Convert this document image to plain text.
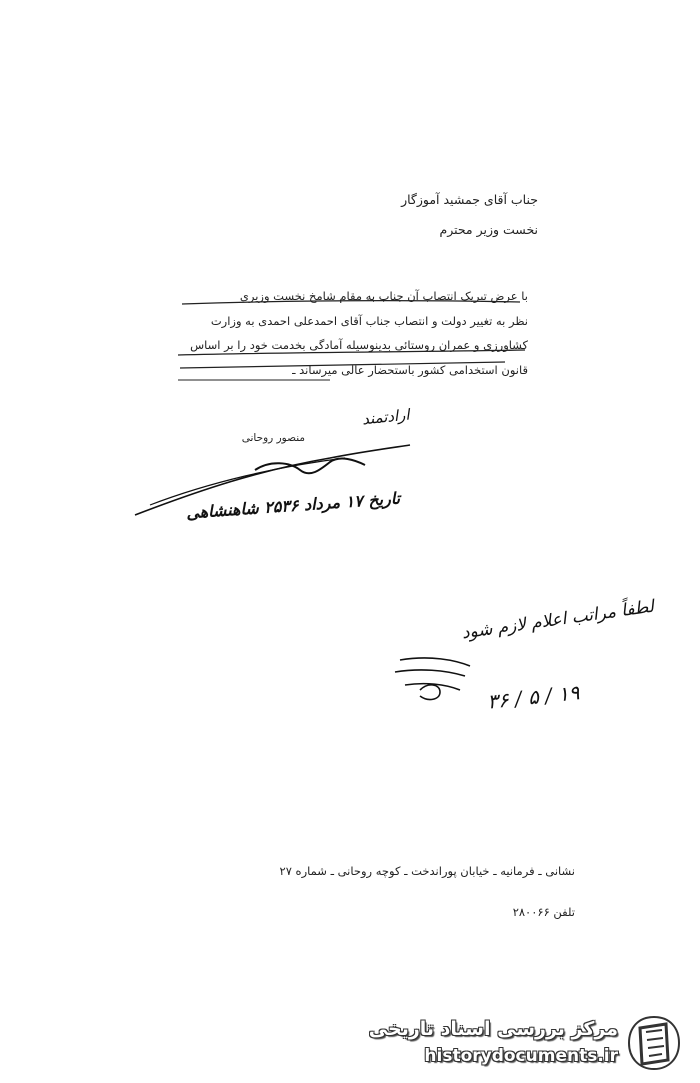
جناب آقای جمشید آموزگار
نخست وزیر محترم
با عرض تبریک انتصاب آن جناب به مقام شامخ نخست وزیری
نظر به تغییر دولت و انتصاب جناب آقای احمدعلی احمدی به وزارت
کشاورزی و عمران روستائی بدینوسیله آمادگی بخدمت خود را بر اساس
قانون استخدامی کشور باستحضار عالی میرساند ـ
ارادتمند
منصور روحانی
تاریخ ۱۷ مرداد ۲۵۳۶ شاهنشاهی
لطفاً مراتب اعلام لازم شود
۱۹ / ۵ / ۳۶
نشانی ـ فرمانیه ـ خیابان پوراندخت ـ کوچه روحانی ـ شماره ۲۷
تلفن ۲۸۰۰۶۶
مرکز بررسی اسناد تاریخی
historydocuments.ir
